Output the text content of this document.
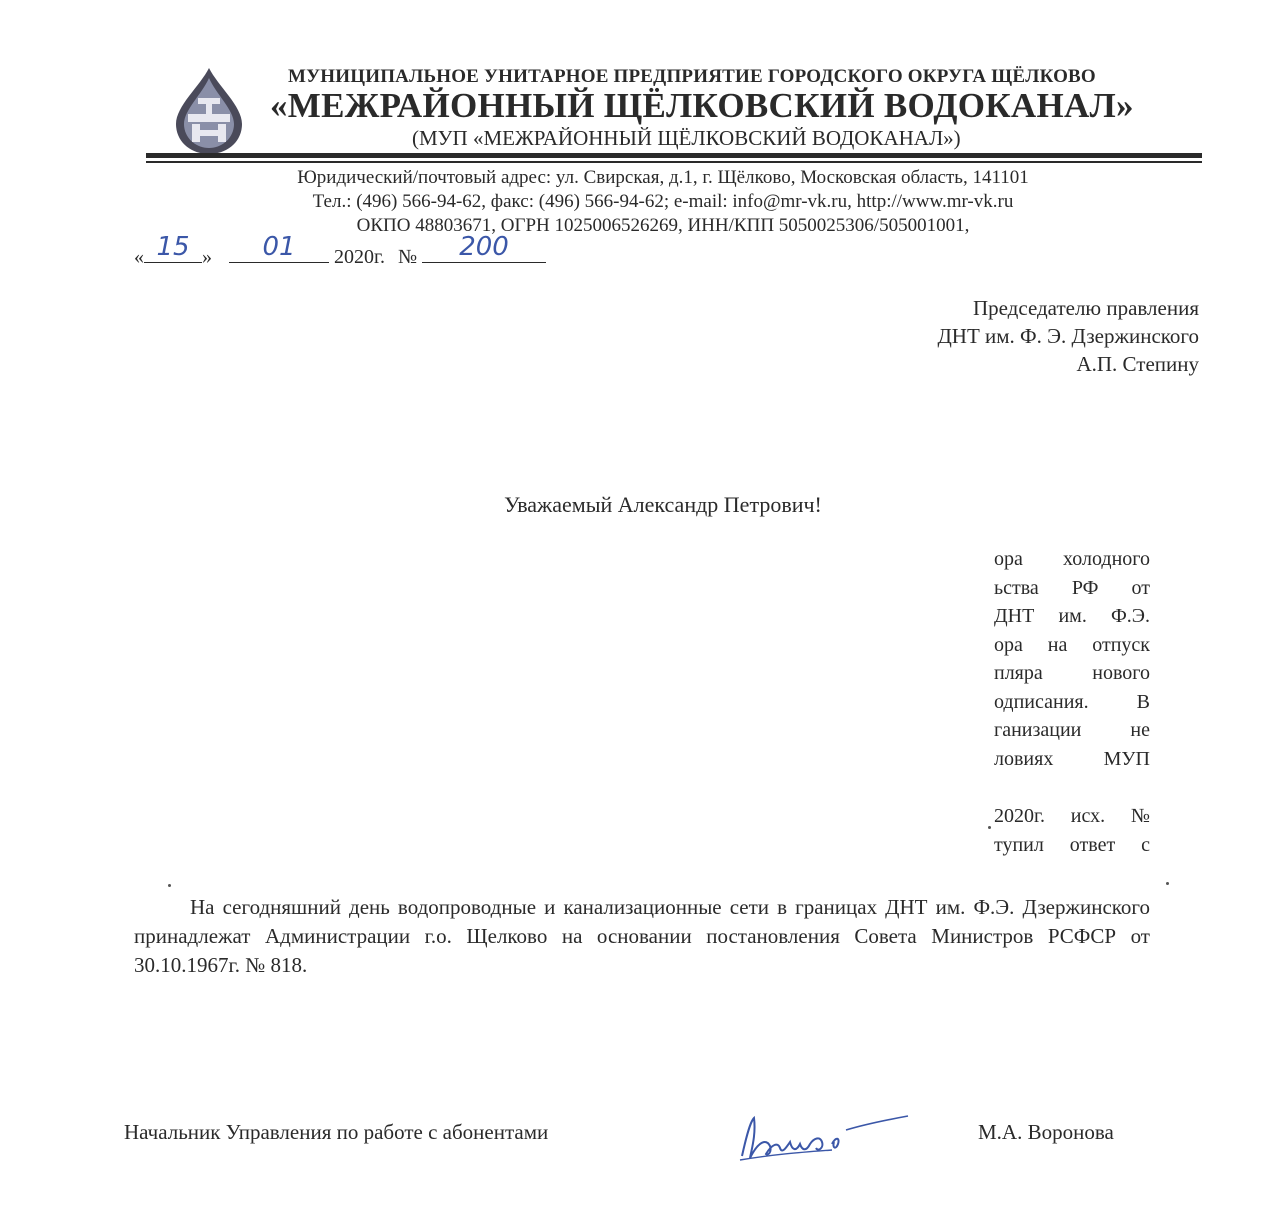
МУНИЦИПАЛЬНОЕ УНИТАРНОЕ ПРЕДПРИЯТИЕ ГОРОДСКОГО ОКРУГА ЩЁЛКОВО
«МЕЖРАЙОННЫЙ ЩЁЛКОВСКИЙ ВОДОКАНАЛ»
(МУП «МЕЖРАЙОННЫЙ ЩЁЛКОВСКИЙ ВОДОКАНАЛ»)
Юридический/почтовый адрес: ул. Свирская, д.1, г. Щёлково, Московская область, 141101
Тел.: (496) 566-94-62, факс: (496) 566-94-62; e-mail: info@mr-vk.ru, http://www.mr-vk.ru
ОКПО 48803671, ОГРН 1025006526269, ИНН/КПП 5050025306/505001001,
« 15 »	01	2020г. №	200
Председателю правления
ДНТ им. Ф. Э. Дзержинского
А.П. Степину
Уважаемый Александр Петрович!
ора холодного
ьства РФ от
ДНТ им. Ф.Э.
ора на отпуск
пляра нового
одписания. В
ганизации не
ловиях МУП
2020г. исх. №
тупил ответ с
На сегодняшний день водопроводные и канализационные сети в границах ДНТ им. Ф.Э. Дзержинского принадлежат Администрации г.о. Щелково на основании постановления Совета Министров РСФСР от 30.10.1967г. № 818.
Начальник Управления по работе с абонентами	М.А. Воронова
